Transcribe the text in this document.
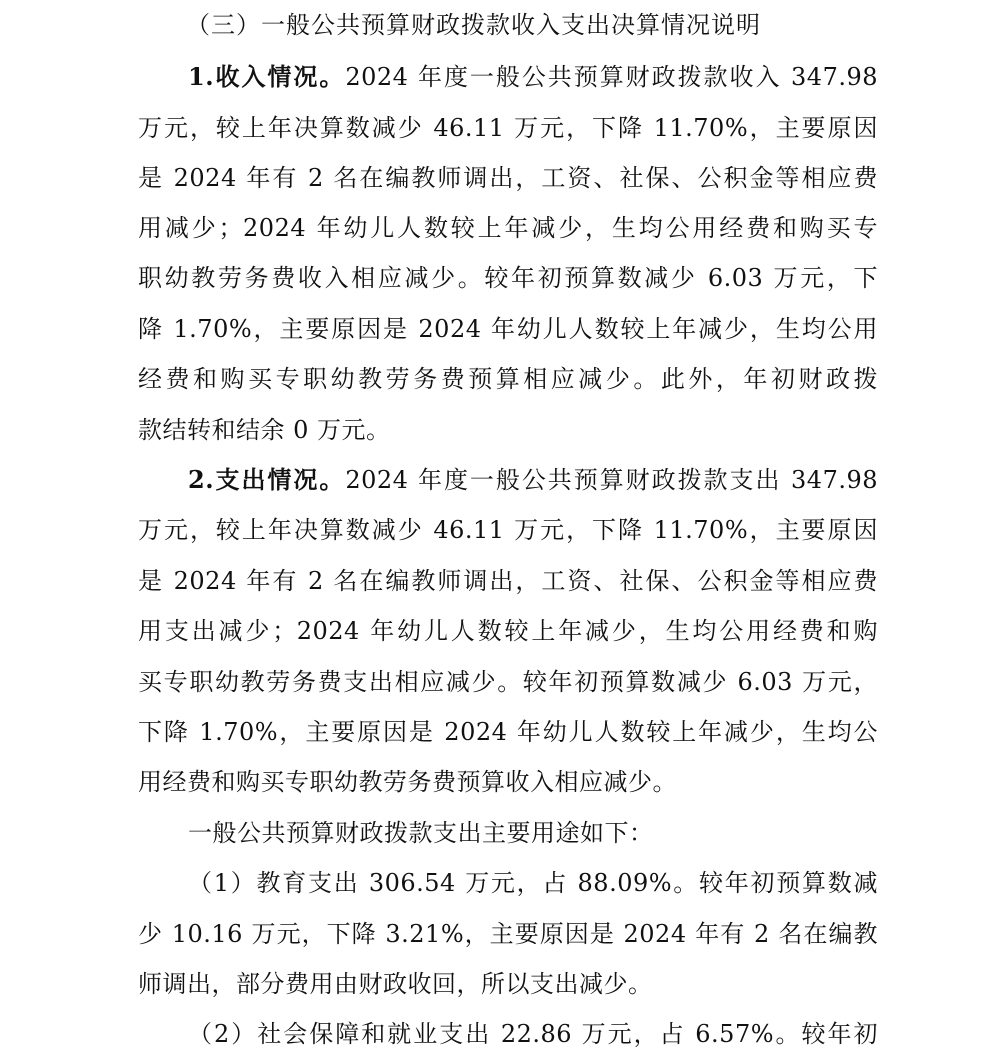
（三）一般公共预算财政拨款收入支出决算情况说明
1.收入情况。2024 年度一般公共预算财政拨款收入 347.98
万元，较上年决算数减少 46.11 万元，下降 11.70%，主要原因
是 2024 年有 2 名在编教师调出，工资、社保、公积金等相应费
用减少；2024 年幼儿人数较上年减少，生均公用经费和购买专
职幼教劳务费收入相应减少。较年初预算数减少 6.03 万元，下
降 1.70%，主要原因是 2024 年幼儿人数较上年减少，生均公用
经费和购买专职幼教劳务费预算相应减少。此外，年初财政拨
款结转和结余 0 万元。
2.支出情况。2024 年度一般公共预算财政拨款支出 347.98
万元，较上年决算数减少 46.11 万元，下降 11.70%，主要原因
是 2024 年有 2 名在编教师调出，工资、社保、公积金等相应费
用支出减少；2024 年幼儿人数较上年减少，生均公用经费和购
买专职幼教劳务费支出相应减少。较年初预算数减少 6.03 万元，
下降 1.70%，主要原因是 2024 年幼儿人数较上年减少，生均公
用经费和购买专职幼教劳务费预算收入相应减少。
一般公共预算财政拨款支出主要用途如下：
（1）教育支出 306.54 万元，占 88.09%。较年初预算数减
少 10.16 万元，下降 3.21%，主要原因是 2024 年有 2 名在编教
师调出，部分费用由财政收回，所以支出减少。
（2）社会保障和就业支出 22.86 万元，占 6.57%。较年初
